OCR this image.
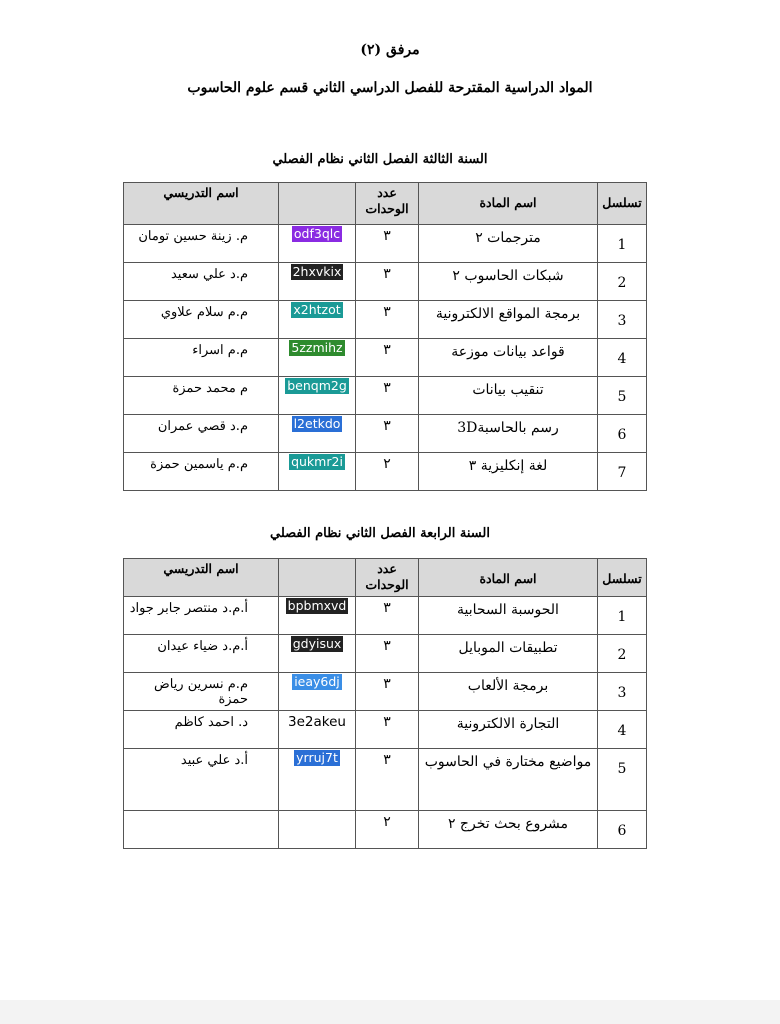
مرفق (٢)
المواد الدراسية المقترحة للفصل الدراسي الثاني قسم علوم الحاسوب
السنة الثالثة الفصل الثاني نظام الفصلي
تسلسل	اسم المادة	عدد
الوحدات		اسم التدريسي
1	مترجمات ٢	٣	odf3qlc	م. زينة حسين تومان
2	شبكات الحاسوب ٢	٣	2hxvkix	م.د علي سعيد
3	برمجة المواقع الالكترونية	٣	x2htzot	م.م سلام علاوي
4	قواعد بيانات موزعة	٣	5zzmihz	م.م اسراء
5	تنقيب بيانات	٣	benqm2g	م محمد حمزة
6	رسم بالحاسبة3D	٣	l2etkdo	م.د قصي عمران
7	لغة إنكليزية ٣	٢	qukmr2i	م.م ياسمين حمزة
السنة الرابعة الفصل الثاني نظام الفصلي
تسلسل	اسم المادة	عدد
الوحدات		اسم التدريسي
1	الحوسبة السحابية	٣	bpbmxvd	أ.م.د منتصر جابر جواد
2	تطبيقات الموبايل	٣	gdyisux	أ.م.د ضياء عيدان
3	برمجة الألعاب	٣	ieay6dj	م.م نسرين رياض حمزة
4	التجارة الالكترونية	٣	3e2akeu	د. احمد كاظم
5	مواضيع مختارة في الحاسوب	٣	yrruj7t	أ.د علي عبيد
6	مشروع بحث تخرج ٢	٢		
